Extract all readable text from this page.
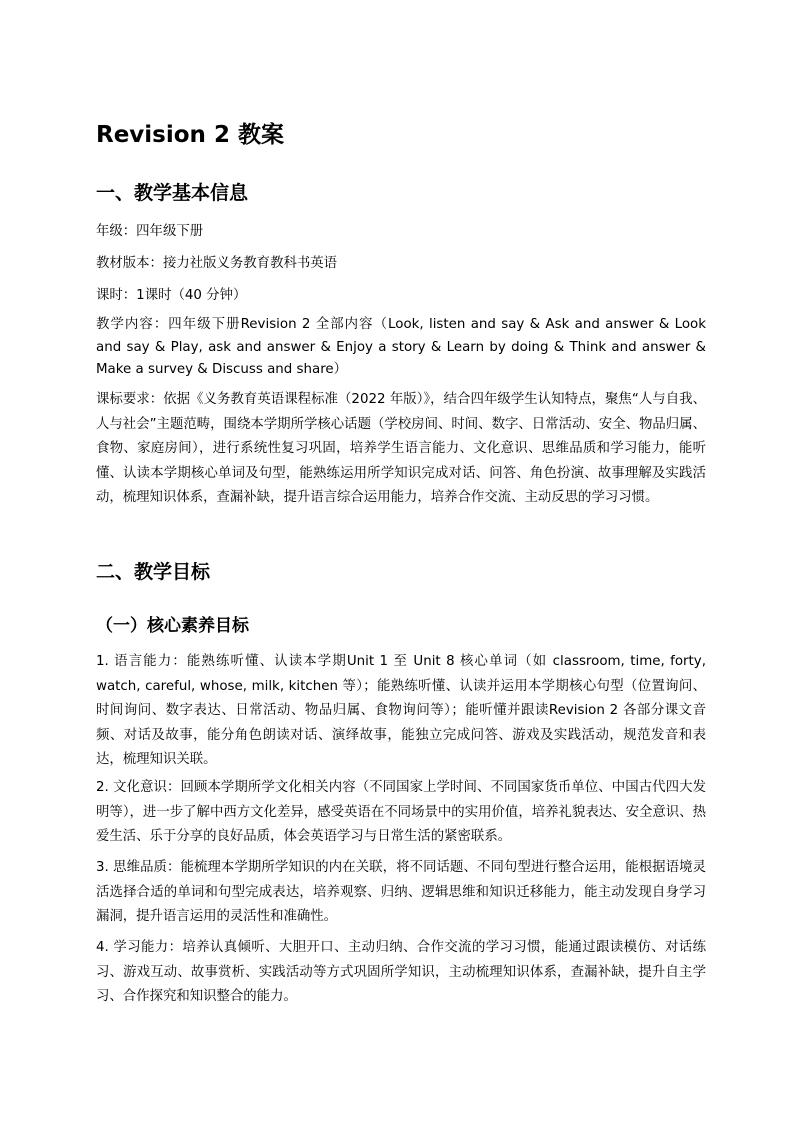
Revision 2 教案
一、教学基本信息
年级：四年级下册
教材版本：接力社版义务教育教科书英语
课时：1课时（40 分钟）
教学内容：四年级下册Revision 2 全部内容（Look, listen and say & Ask and answer & Look and say & Play, ask and answer & Enjoy a story & Learn by doing & Think and answer & Make a survey & Discuss and share）
课标要求：依据《义务教育英语课程标准（2022 年版）》，结合四年级学生认知特点，聚焦“人与自我、人与社会”主题范畴，围绕本学期所学核心话题（学校房间、时间、数字、日常活动、安全、物品归属、食物、家庭房间），进行系统性复习巩固，培养学生语言能力、文化意识、思维品质和学习能力，能听懂、认读本学期核心单词及句型，能熟练运用所学知识完成对话、问答、角色扮演、故事理解及实践活动，梳理知识体系，查漏补缺，提升语言综合运用能力，培养合作交流、主动反思的学习习惯。
二、教学目标
（一）核心素养目标
1. 语言能力：能熟练听懂、认读本学期Unit 1 至 Unit 8 核心单词（如 classroom, time, forty, watch, careful, whose, milk, kitchen 等）；能熟练听懂、认读并运用本学期核心句型（位置询问、时间询问、数字表达、日常活动、物品归属、食物询问等）；能听懂并跟读Revision 2 各部分课文音频、对话及故事，能分角色朗读对话、演绎故事，能独立完成问答、游戏及实践活动，规范发音和表达，梳理知识关联。
2. 文化意识：回顾本学期所学文化相关内容（不同国家上学时间、不同国家货币单位、中国古代四大发明等），进一步了解中西方文化差异，感受英语在不同场景中的实用价值，培养礼貌表达、安全意识、热爱生活、乐于分享的良好品质，体会英语学习与日常生活的紧密联系。
3. 思维品质：能梳理本学期所学知识的内在关联，将不同话题、不同句型进行整合运用，能根据语境灵活选择合适的单词和句型完成表达，培养观察、归纳、逻辑思维和知识迁移能力，能主动发现自身学习漏洞，提升语言运用的灵活性和准确性。
4. 学习能力：培养认真倾听、大胆开口、主动归纳、合作交流的学习习惯，能通过跟读模仿、对话练习、游戏互动、故事赏析、实践活动等方式巩固所学知识，主动梳理知识体系，查漏补缺，提升自主学习、合作探究和知识整合的能力。
